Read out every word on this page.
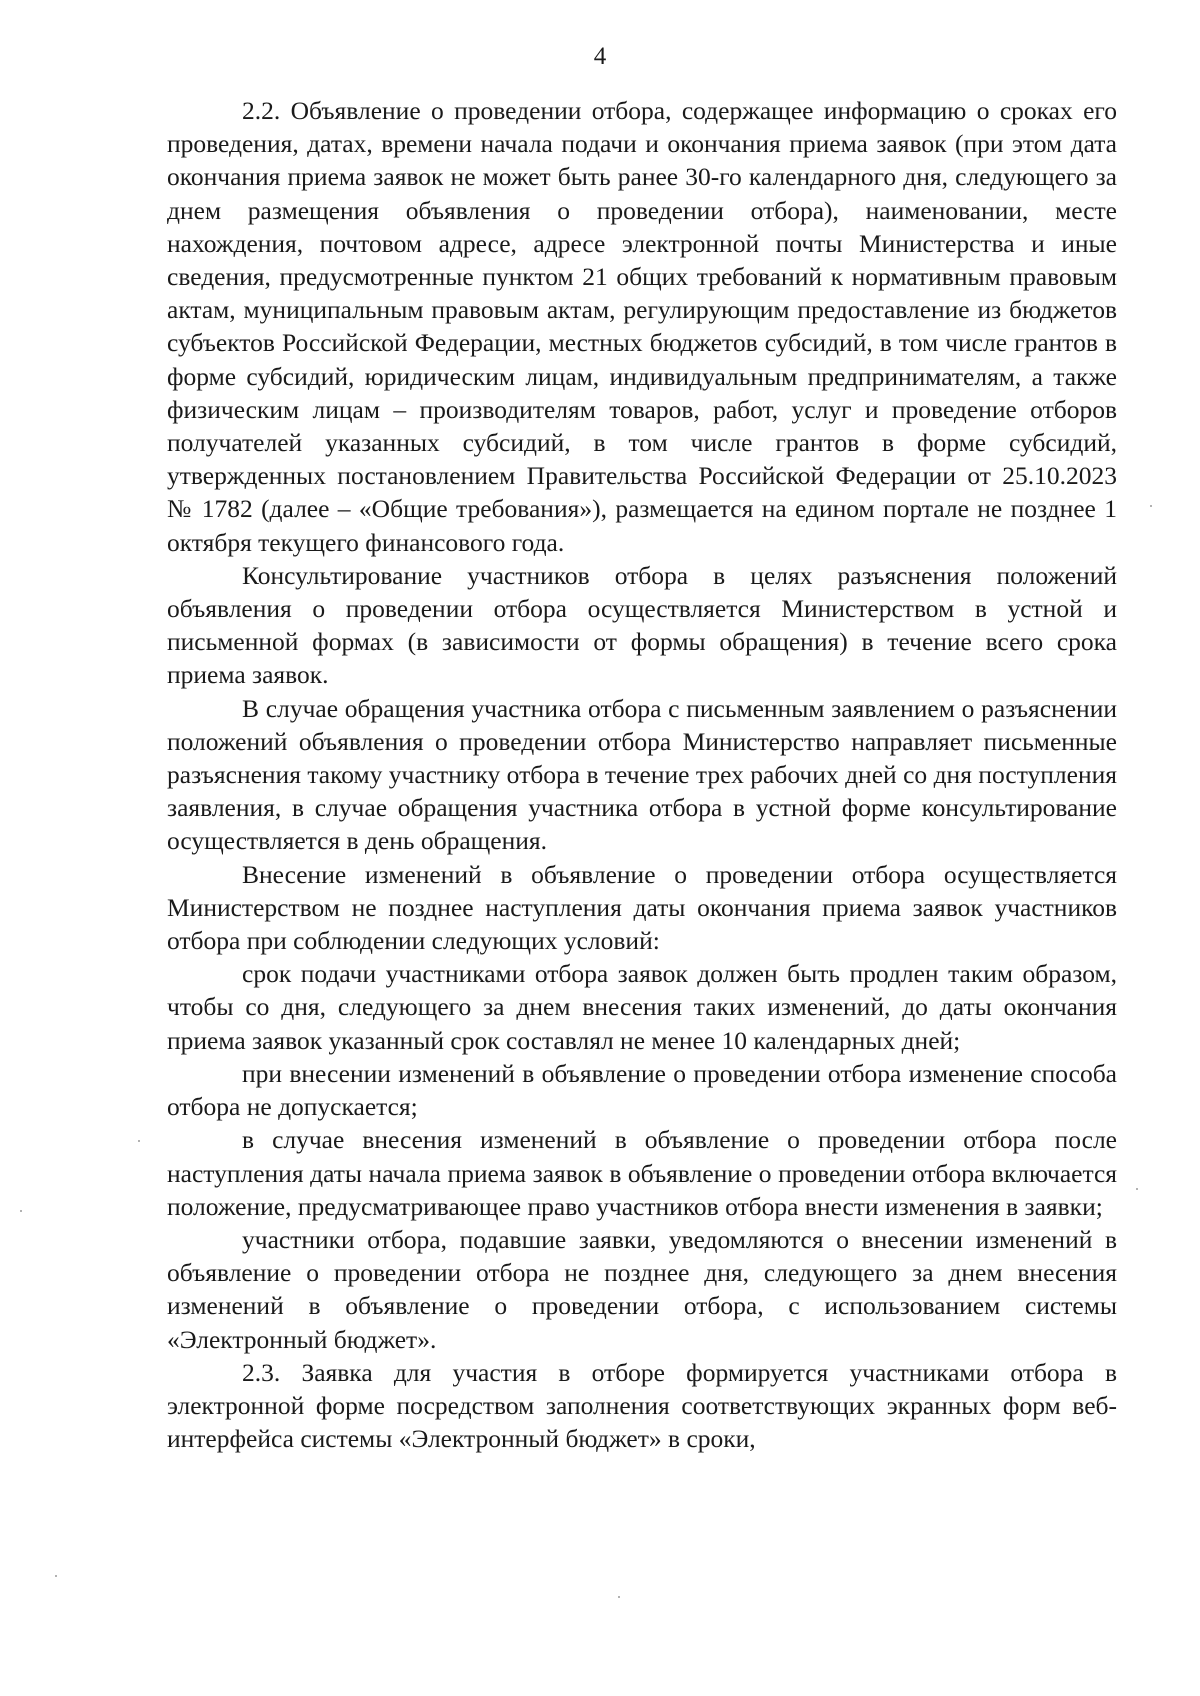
4

2.2. Объявление о проведении отбора, содержащее информацию о сроках его проведения, датах, времени начала подачи и окончания приема заявок (при этом дата окончания приема заявок не может быть ранее 30-го календарного дня, следующего за днем размещения объявления о проведении отбора), наименовании, месте нахождения, почтовом адресе, адресе электронной почты Министерства и иные сведения, предусмотренные пунктом 21 общих требований к нормативным правовым актам, муниципальным правовым актам, регулирующим предоставление из бюджетов субъектов Российской Федерации, местных бюджетов субсидий, в том числе грантов в форме субсидий, юридическим лицам, индивидуальным предпринимателям, а также физическим лицам – производителям товаров, работ, услуг и проведение отборов получателей указанных субсидий, в том числе грантов в форме субсидий, утвержденных постановлением Правительства Российской Федерации от 25.10.2023 № 1782 (далее – «Общие требования»), размещается на едином портале не позднее 1 октября текущего финансового года.

Консультирование участников отбора в целях разъяснения положений объявления о проведении отбора осуществляется Министерством в устной и письменной формах (в зависимости от формы обращения) в течение всего срока приема заявок.

В случае обращения участника отбора с письменным заявлением о разъяснении положений объявления о проведении отбора Министерство направляет письменные разъяснения такому участнику отбора в течение трех рабочих дней со дня поступления заявления, в случае обращения участника отбора в устной форме консультирование осуществляется в день обращения.

Внесение изменений в объявление о проведении отбора осуществляется Министерством не позднее наступления даты окончания приема заявок участников отбора при соблюдении следующих условий:

срок подачи участниками отбора заявок должен быть продлен таким образом, чтобы со дня, следующего за днем внесения таких изменений, до даты окончания приема заявок указанный срок составлял не менее 10 календарных дней;

при внесении изменений в объявление о проведении отбора изменение способа отбора не допускается;

в случае внесения изменений в объявление о проведении отбора после наступления даты начала приема заявок в объявление о проведении отбора включается положение, предусматривающее право участников отбора внести изменения в заявки;

участники отбора, подавшие заявки, уведомляются о внесении изменений в объявление о проведении отбора не позднее дня, следующего за днем внесения изменений в объявление о проведении отбора, с использованием системы «Электронный бюджет».

2.3. Заявка для участия в отборе формируется участниками отбора в электронной форме посредством заполнения соответствующих экранных форм веб-интерфейса системы «Электронный бюджет» в сроки,
